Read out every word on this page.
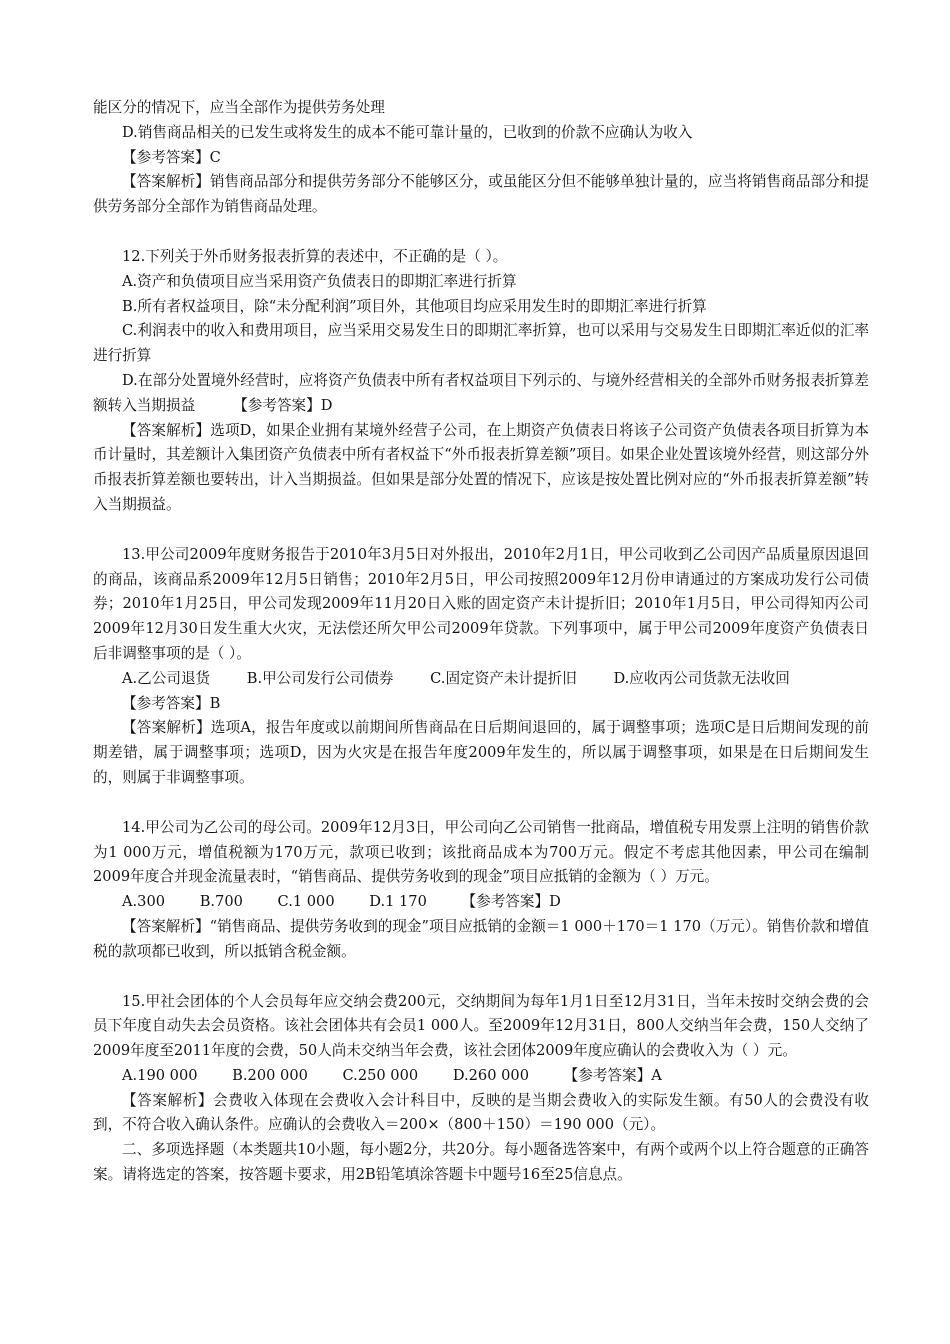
能区分的情况下，应当全部作为提供劳务处理

D.销售商品相关的已发生或将发生的成本不能可靠计量的，已收到的价款不应确认为收入

【参考答案】C

【答案解析】销售商品部分和提供劳务部分不能够区分，或虽能区分但不能够单独计量的，应当将销售商品部分和提供劳务部分全部作为销售商品处理。

12.下列关于外币财务报表折算的表述中，不正确的是（ ）。

A.资产和负债项目应当采用资产负债表日的即期汇率进行折算

B.所有者权益项目，除“未分配利润”项目外，其他项目均应采用发生时的即期汇率进行折算

C.利润表中的收入和费用项目，应当采用交易发生日的即期汇率折算，也可以采用与交易发生日即期汇率近似的汇率进行折算

D.在部分处置境外经营时，应将资产负债表中所有者权益项目下列示的、与境外经营相关的全部外币财务报表折算差额转入当期损益	【参考答案】D

【答案解析】选项D，如果企业拥有某境外经营子公司，在上期资产负债表日将该子公司资产负债表各项目折算为本币计量时，其差额计入集团资产负债表中所有者权益下“外币报表折算差额”项目。如果企业处置该境外经营，则这部分外币报表折算差额也要转出，计入当期损益。但如果是部分处置的情况下，应该是按处置比例对应的“外币报表折算差额”转入当期损益。

13.甲公司2009年度财务报告于2010年3月5日对外报出，2010年2月1日，甲公司收到乙公司因产品质量原因退回的商品，该商品系2009年12月5日销售；2010年2月5日，甲公司按照2009年12月份申请通过的方案成功发行公司债券；2010年1月25日，甲公司发现2009年11月20日入账的固定资产未计提折旧；2010年1月5日，甲公司得知丙公司2009年12月30日发生重大火灾，无法偿还所欠甲公司2009年贷款。下列事项中，属于甲公司2009年度资产负债表日后非调整事项的是（ ）。

A.乙公司退货	B.甲公司发行公司债券	C.固定资产未计提折旧	D.应收丙公司货款无法收回

【参考答案】B

【答案解析】选项A，报告年度或以前期间所售商品在日后期间退回的，属于调整事项；选项C是日后期间发现的前期差错，属于调整事项；选项D，因为火灾是在报告年度2009年发生的，所以属于调整事项，如果是在日后期间发生的，则属于非调整事项。

14.甲公司为乙公司的母公司。2009年12月3日，甲公司向乙公司销售一批商品，增值税专用发票上注明的销售价款为1 000万元，增值税额为170万元，款项已收到；该批商品成本为700万元。假定不考虑其他因素，甲公司在编制2009年度合并现金流量表时，“销售商品、提供劳务收到的现金”项目应抵销的金额为（ ）万元。

A.300 B.700 C.1 000 D.1 170 【参考答案】D

【答案解析】“销售商品、提供劳务收到的现金”项目应抵销的金额＝1 000＋170＝1 170（万元）。销售价款和增值税的款项都已收到，所以抵销含税金额。

15.甲社会团体的个人会员每年应交纳会费200元，交纳期间为每年1月1日至12月31日，当年未按时交纳会费的会员下年度自动失去会员资格。该社会团体共有会员1 000人。至2009年12月31日，800人交纳当年会费，150人交纳了2009年度至2011年度的会费，50人尚未交纳当年会费，该社会团体2009年度应确认的会费收入为（ ）元。

A.190 000 B.200 000 C.250 000 D.260 000 【参考答案】A

【答案解析】会费收入体现在会费收入会计科目中，反映的是当期会费收入的实际发生额。有50人的会费没有收到，不符合收入确认条件。应确认的会费收入＝200×（800＋150）＝190 000（元）。

二、多项选择题（本类题共10小题，每小题2分，共20分。每小题备选答案中，有两个或两个以上符合题意的正确答案。请将选定的答案，按答题卡要求，用2B铅笔填涂答题卡中题号16至25信息点。
